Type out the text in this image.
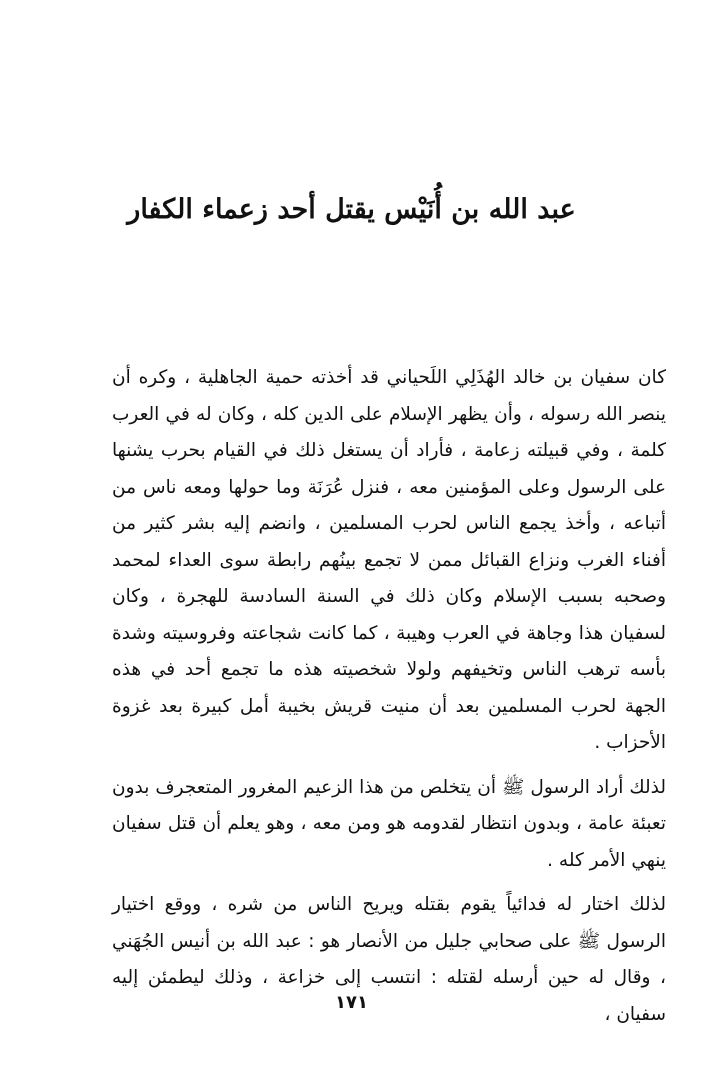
عبد الله بن أُنَيْس يقتل أحد زعماء الكفار

كان سفيان بن خالد الهُذَلِي اللَحياني قد أخذته حمية الجاهلية ، وكره أن ينصر الله رسوله ، وأن يظهر الإسلام على الدين كله ، وكان له في العرب كلمة ، وفي قبيلته زعامة ، فأراد أن يستغل ذلك في القيام بحرب يشنها على الرسول وعلى المؤمنين معه ، فنزل عُرَنَة وما حولها ومعه ناس من أتباعه ، وأخذ يجمع الناس لحرب المسلمين ، وانضم إليه بشر كثير من أفناء الغرب ونزاع القبائل ممن لا تجمع بينُهم رابطة سوى العداء لمحمد وصحبه بسبب الإسلام وكان ذلك في السنة السادسة للهجرة ، وكان لسفيان هذا وجاهة في العرب وهيبة ، كما كانت شجاعته وفروسيته وشدة بأسه ترهب الناس وتخيفهم ولولا شخصيته هذه ما تجمع أحد في هذه الجهة لحرب المسلمين بعد أن منيت قريش بخيبة أمل كبيرة بعد غزوة الأحزاب .

لذلك أراد الرسول ﷺ أن يتخلص من هذا الزعيم المغرور المتعجرف بدون تعبئة عامة ، وبدون انتظار لقدومه هو ومن معه ، وهو يعلم أن قتل سفيان ينهي الأمر كله .

لذلك اختار له فدائياً يقوم بقتله ويريح الناس من شره ، ووقع اختيار الرسول ﷺ على صحابي جليل من الأنصار هو : عبد الله بن أنيس الجُهَني ، وقال له حين أرسله لقتله : انتسب إلى خزاعة ، وذلك ليطمئن إليه سفيان ،

١٧١
